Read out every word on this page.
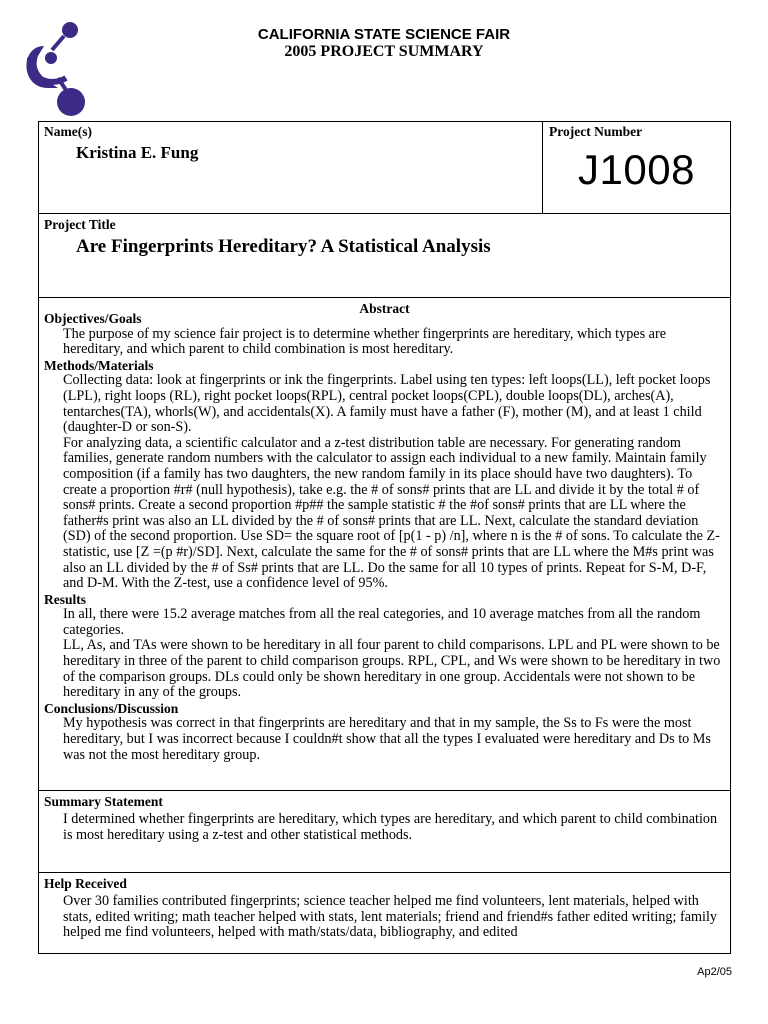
CALIFORNIA STATE SCIENCE FAIR
2005 PROJECT SUMMARY
Name(s)
Kristina E. Fung
Project Number
J1008
Project Title
Are Fingerprints Hereditary? A Statistical Analysis
Abstract
Objectives/Goals
The purpose of my science fair project is to determine whether fingerprints are hereditary, which types are hereditary, and which parent to child combination is most hereditary.
Methods/Materials
Collecting data: look at fingerprints or ink the fingerprints. Label using ten types: left loops(LL), left pocket loops (LPL), right loops (RL), right pocket loops(RPL), central pocket loops(CPL), double loops(DL), arches(A), tentarches(TA), whorls(W), and accidentals(X). A family must have a father (F), mother (M), and at least 1 child (daughter-D or son-S).
For analyzing data, a scientific calculator and a z-test distribution table are necessary. For generating random families, generate random numbers with the calculator to assign each individual to a new family. Maintain family composition (if a family has two daughters, the new random family in its place should have two daughters). To create a proportion #r# (null hypothesis), take e.g. the # of sons# prints that are LL and divide it by the total # of sons# prints. Create a second proportion #p## the sample statistic # the #of sons# prints that are LL where the father#s print was also an LL divided by the # of sons# prints that are LL. Next, calculate the standard deviation (SD) of the second proportion. Use SD= the square root of [p(1 - p) /n], where n is the # of sons. To calculate the Z-statistic, use [Z =(p #r)/SD]. Next, calculate the same for the # of sons# prints that are LL where the M#s print was also an LL divided by the # of Ss# prints that are LL. Do the same for all 10 types of prints. Repeat for S-M, D-F, and D-M. With the Z-test, use a confidence level of 95%.
Results
In all, there were 15.2 average matches from all the real categories, and 10 average matches from all the random categories.
LL, As, and TAs were shown to be hereditary in all four parent to child comparisons. LPL and PL were shown to be hereditary in three of the parent to child comparison groups. RPL, CPL, and Ws were shown to be hereditary in two of the comparison groups. DLs could only be shown hereditary in one group. Accidentals were not shown to be hereditary in any of the groups.
Conclusions/Discussion
My hypothesis was correct in that fingerprints are hereditary and that in my sample, the Ss to Fs were the most hereditary, but I was incorrect because I couldn#t show that all the types I evaluated were hereditary and Ds to Ms was not the most hereditary group.
Summary Statement
I determined whether fingerprints are hereditary, which types are hereditary, and which parent to child combination is most hereditary using a z-test and other statistical methods.
Help Received
Over 30 families contributed fingerprints; science teacher helped me find volunteers, lent materials, helped with stats, edited writing; math teacher helped with stats, lent materials; friend and friend#s father edited writing; family helped me find volunteers, helped with math/stats/data, bibliography, and edited
Ap2/05
